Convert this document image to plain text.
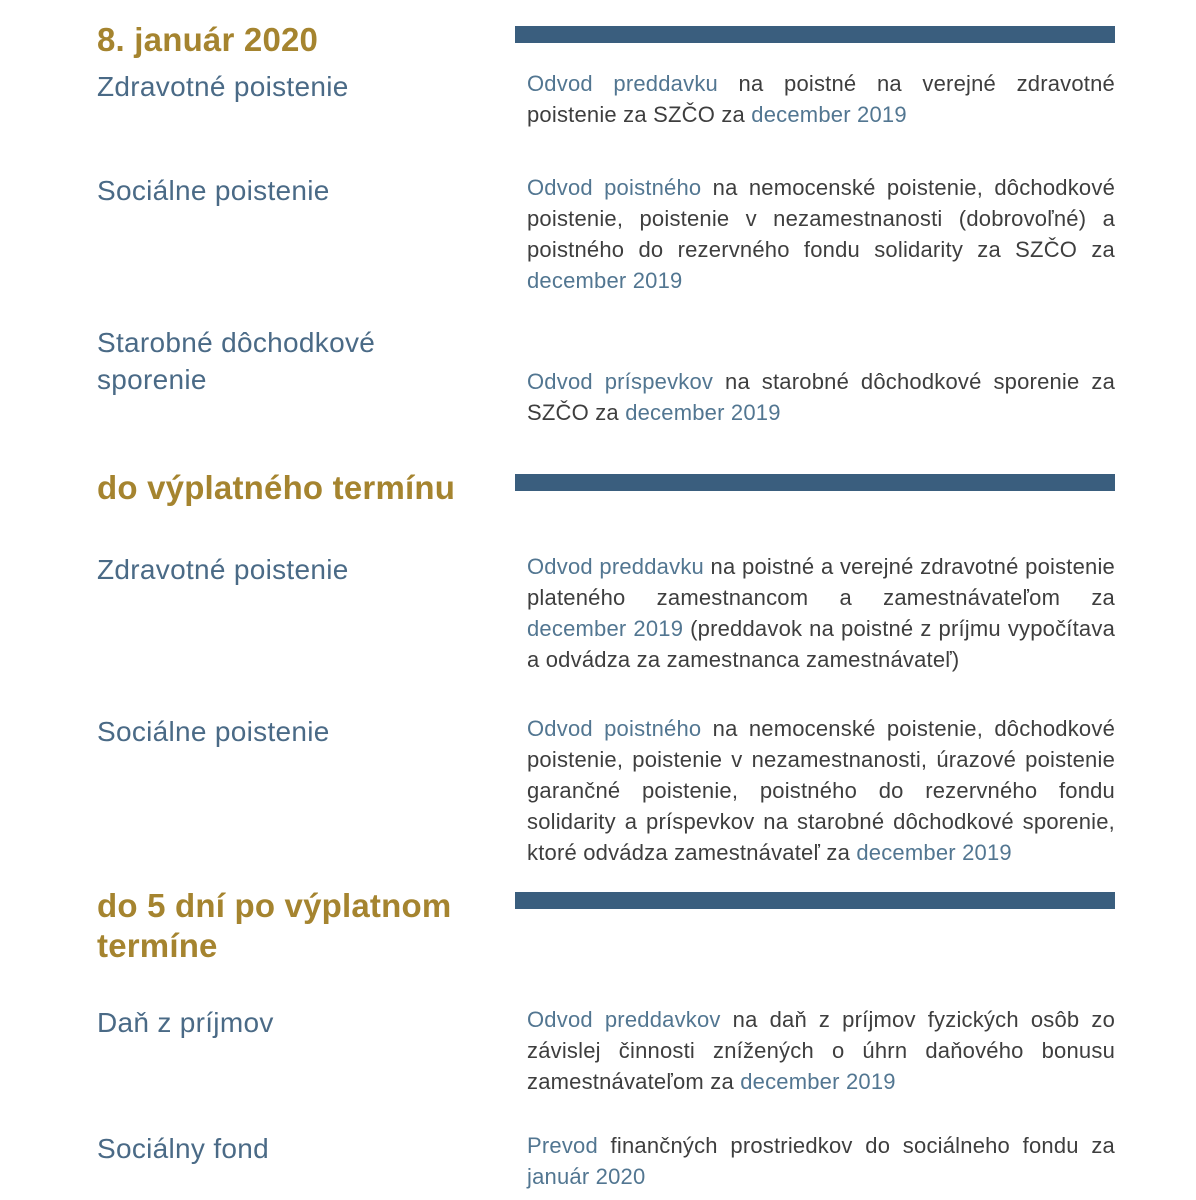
8. január 2020
Zdravotné poistenie	Odvod preddavku na poistné na verejné zdravotné poistenie za SZČO za december 2019

Sociálne poistenie	Odvod poistného na nemocenské poistenie, dôchodkové poistenie, poistenie v nezamestnanosti (dobrovoľné) a poistného do rezervného fondu solidarity za SZČO za december 2019

Starobné dôchodkové sporenie	Odvod príspevkov na starobné dôchodkové sporenie za SZČO za december 2019

do výplatného termínu
Zdravotné poistenie	Odvod preddavku na poistné a verejné zdravotné poistenie plateného zamestnancom a zamestnávateľom za december 2019 (preddavok na poistné z príjmu vypočítava a odvádza za zamestnanca zamestnávateľ)

Sociálne poistenie	Odvod poistného na nemocenské poistenie, dôchodkové poistenie, poistenie v nezamestnanosti, úrazové poistenie garančné poistenie, poistného do rezervného fondu solidarity a príspevkov na starobné dôchodkové sporenie, ktoré odvádza zamestnávateľ za december 2019

do 5 dní po výplatnom termíne
Daň z príjmov	Odvod preddavkov na daň z príjmov fyzických osôb zo závislej činnosti znížených o úhrn daňového bonusu zamestnávateľom za december 2019

Sociálny fond	Prevod finančných prostriedkov do sociálneho fondu za január 2020
